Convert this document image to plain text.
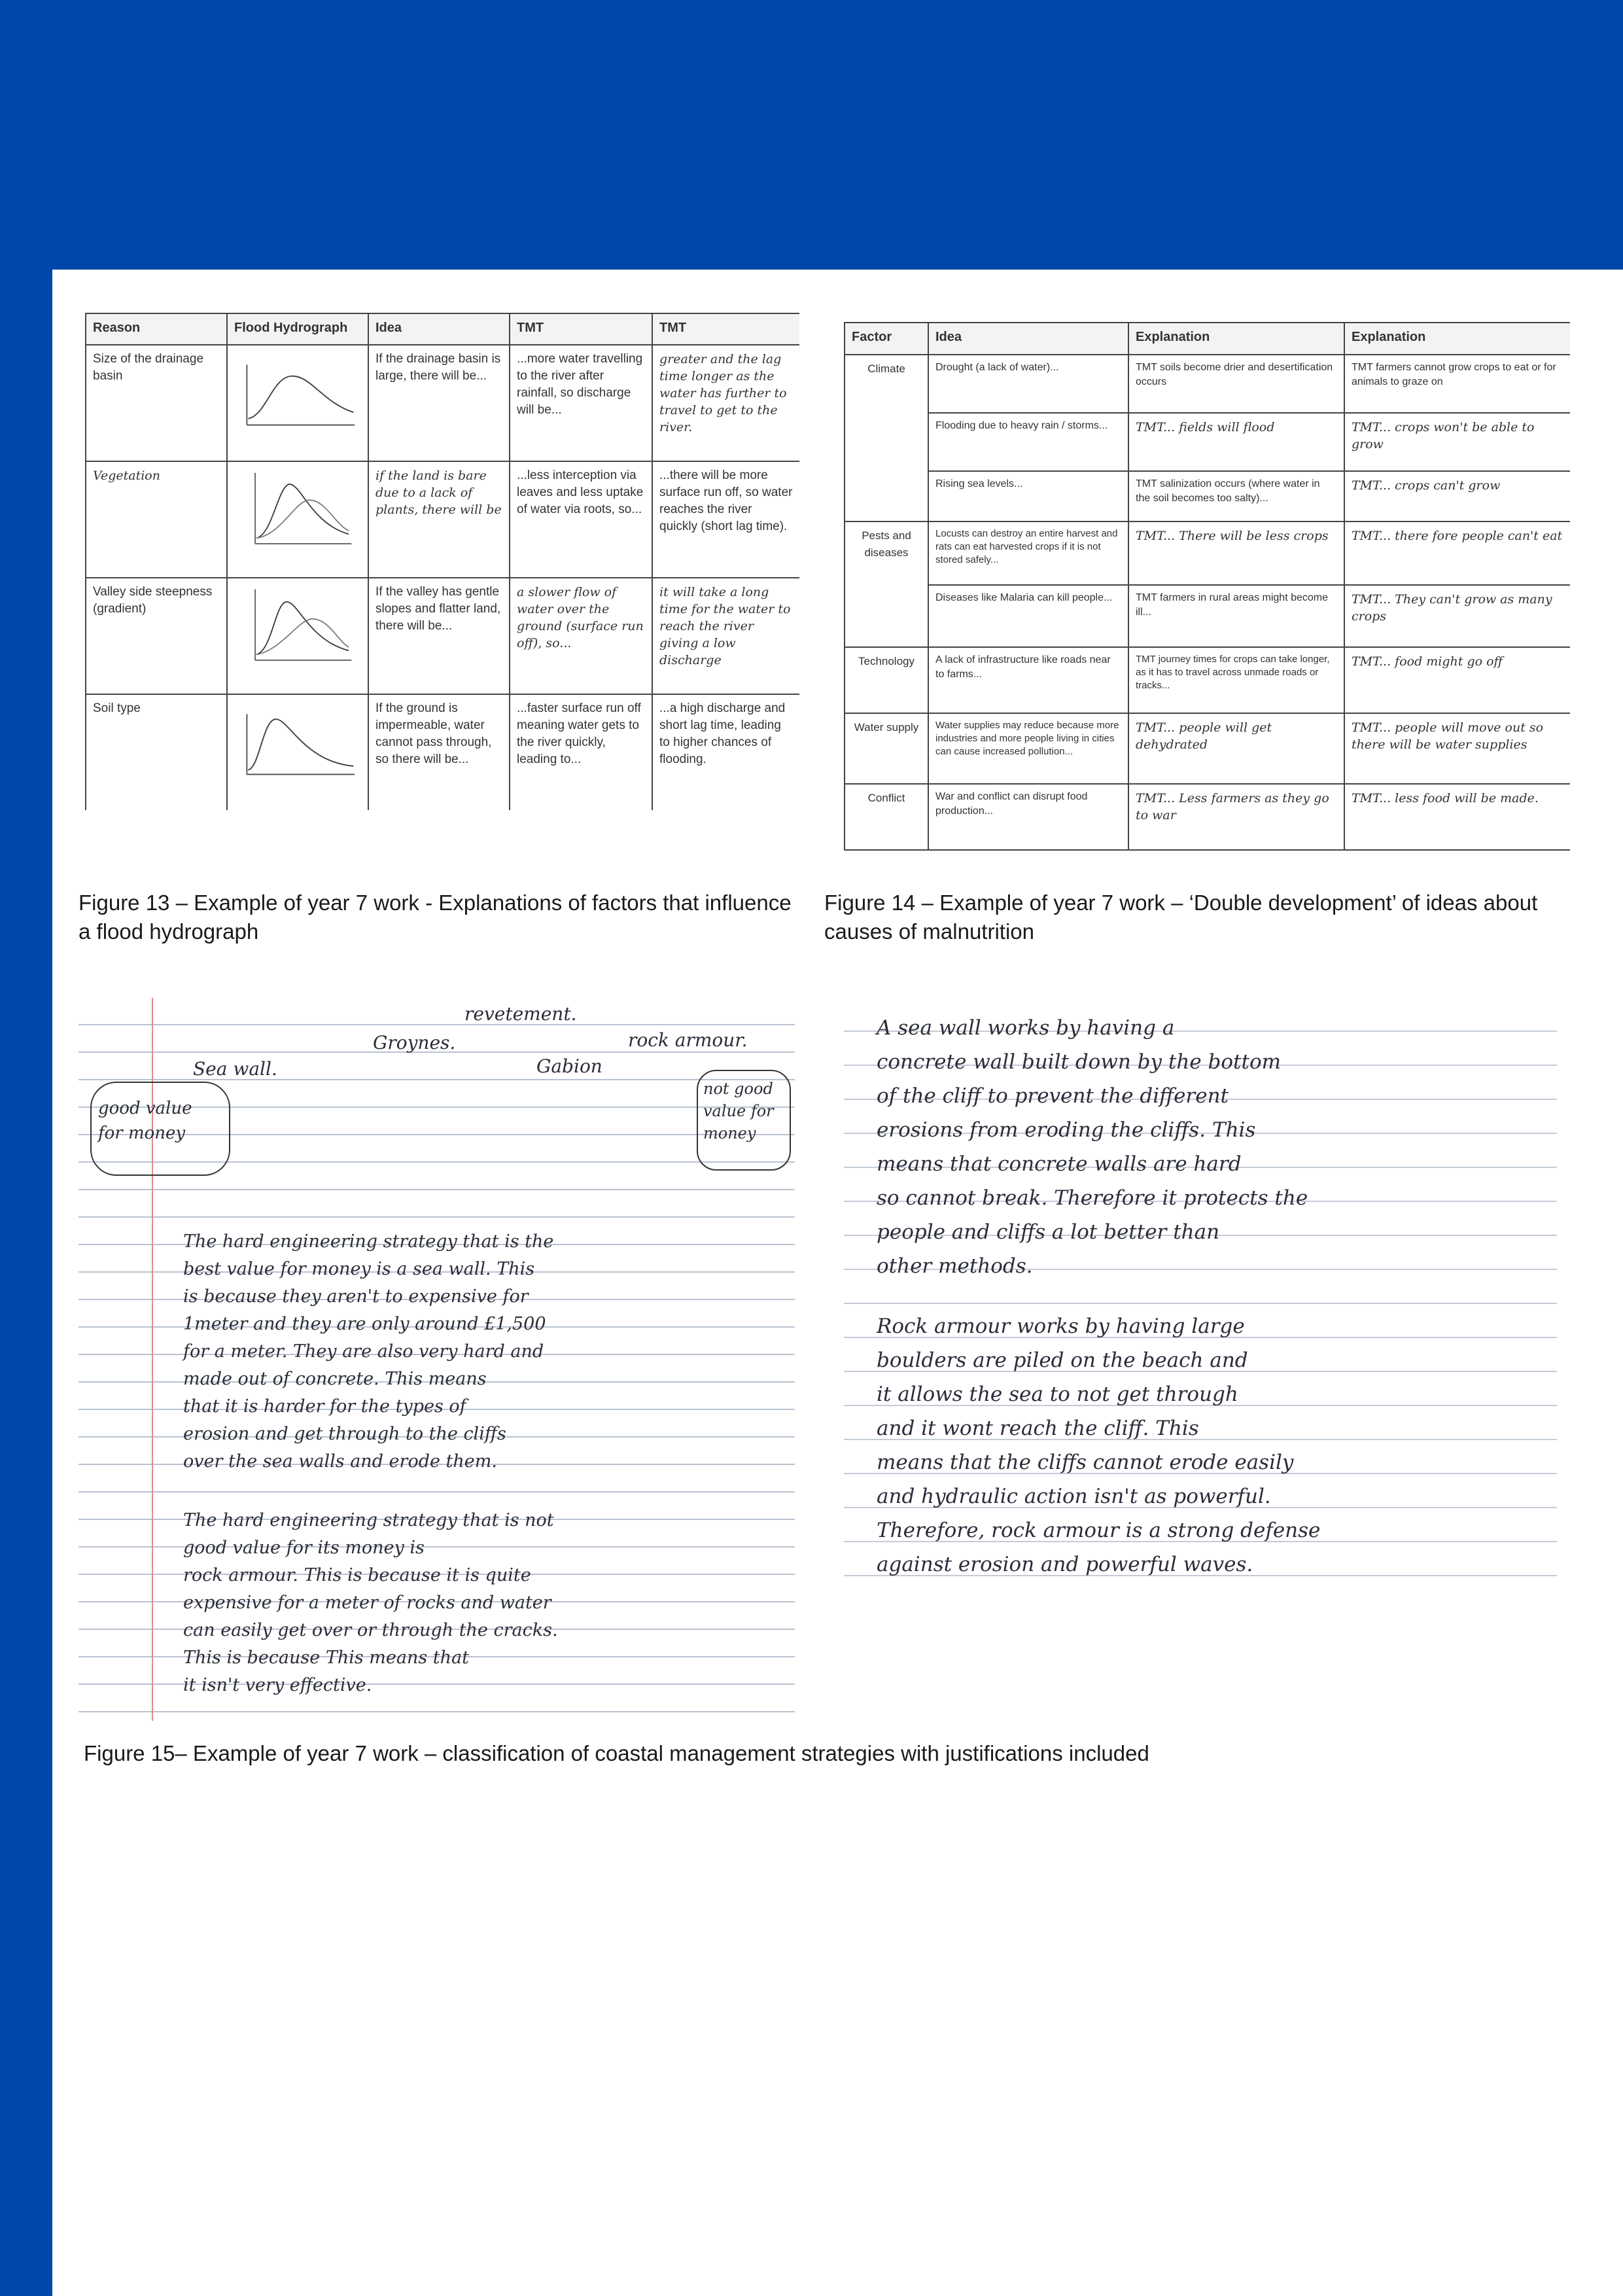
Reason	Flood Hydrograph	Idea	TMT	TMT
Size of the drainage basin		If the drainage basin is large, there will be...	...more water travelling to the river after rainfall, so discharge will be...	greater and the lag time longer as the water has further to travel to get to the river.
Vegetation		if the land is bare due to a lack of plants, there will be	...less interception via leaves and less uptake of water via roots, so...	...there will be more surface run off, so water reaches the river quickly (short lag time).
Valley side steepness (gradient)		If the valley has gentle slopes and flatter land, there will be...	a slower flow of water over the ground (surface run off), so...	it will take a long time for the water to reach the river giving a low discharge
Soil type		If the ground is impermeable, water cannot pass through, so there will be...	...faster surface run off meaning water gets to the river quickly, leading to...	...a high discharge and short lag time, leading to higher chances of flooding.
Factor	Idea	Explanation	Explanation
Climate	Drought (a lack of water)...	TMT soils become drier and desertification occurs	TMT farmers cannot grow crops to eat or for animals to graze on
	Flooding due to heavy rain / storms...	TMT... fields will flood	TMT... crops won't be able to grow
	Rising sea levels...	TMT salinization occurs (where water in the soil becomes too salty)...	TMT... crops can't grow
Pests and diseases	Locusts can destroy an entire harvest and rats can eat harvested crops if it is not stored safely...	TMT... There will be less crops	TMT... there fore people can't eat
	Diseases like Malaria can kill people...	TMT farmers in rural areas might become ill...	TMT... They can't grow as many crops
Technology	A lack of infrastructure like roads near to farms...	TMT journey times for crops can take longer, as it has to travel across unmade roads or tracks...	TMT... food might go off
Water supply	Water supplies may reduce because more industries and more people living in cities can cause increased pollution...	TMT... people will get dehydrated	TMT... people will move out so there will be water supplies
Conflict	War and conflict can disrupt food production...	TMT... Less farmers as they go to war	TMT... less food will be made.
Figure 13 – Example of year 7 work - Explanations of factors that influence a flood hydrograph
Figure 14 – Example of year 7 work – ‘Double development’ of ideas about causes of malnutrition
revetement.
Groynes.	rock armour.
Sea wall.	Gabion
good value for money
not good value for money
The hard engineering strategy that is the
best value for money is a sea wall. This
is because they aren't to expensive for
1meter and they are only around £1,500
for a meter. They are also very hard and
made out of concrete. This means
that it is harder for the types of
erosion and get through to the cliffs
over the sea walls and erode them.
The hard engineering strategy that is not
good value for its money is
rock armour. This is because it is quite
expensive for a meter of rocks and water
can easily get over or through the cracks.
This is because This means that
it isn't very effective.
A sea wall works by having a
concrete wall built down by the bottom
of the cliff to prevent the different
erosions from eroding the cliffs. This
means that concrete walls are hard
so cannot break. Therefore it protects the
people and cliffs a lot better than
other methods.
Rock armour works by having large
boulders are piled on the beach and
it allows the sea to not get through
and it wont reach the cliff. This
means that the cliffs cannot erode easily
and hydraulic action isn't as powerful.
Therefore, rock armour is a strong defense
against erosion and powerful waves.
Figure 15– Example of year 7 work – classification of coastal management strategies with justifications included
